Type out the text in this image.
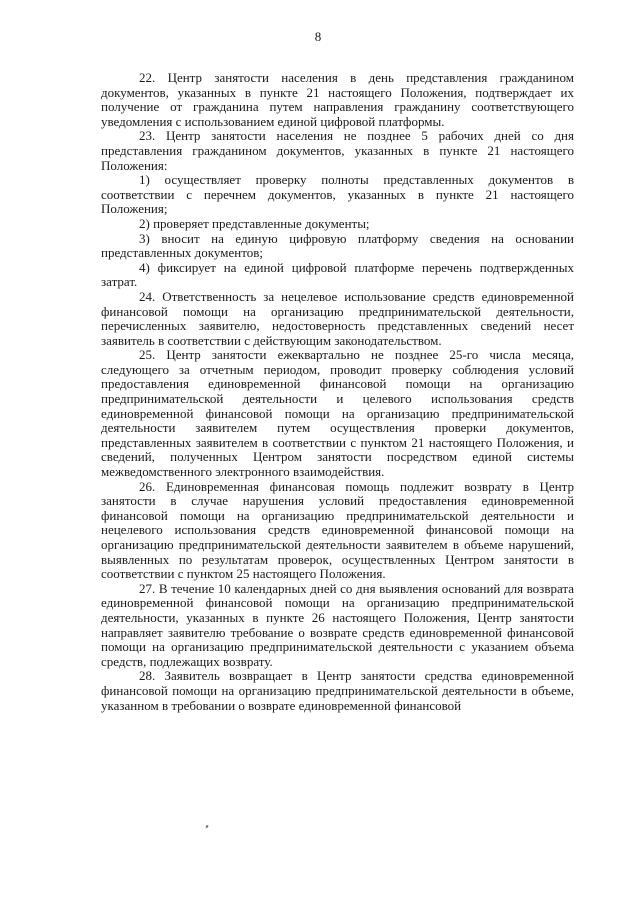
8

22. Центр занятости населения в день представления гражданином документов, указанных в пункте 21 настоящего Положения, подтверждает их получение от гражданина путем направления гражданину соответствующего уведомления с использованием единой цифровой платформы.

23. Центр занятости населения не позднее 5 рабочих дней со дня представления гражданином документов, указанных в пункте 21 настоящего Положения:

1) осуществляет проверку полноты представленных документов в соответствии с перечнем документов, указанных в пункте 21 настоящего Положения;

2) проверяет представленные документы;

3) вносит на единую цифровую платформу сведения на основании представленных документов;

4) фиксирует на единой цифровой платформе перечень подтвержденных затрат.

24. Ответственность за нецелевое использование средств единовременной финансовой помощи на организацию предпринимательской деятельности, перечисленных заявителю, недостоверность представленных сведений несет заявитель в соответствии с действующим законодательством.

25. Центр занятости ежеквартально не позднее 25-го числа месяца, следующего за отчетным периодом, проводит проверку соблюдения условий предоставления единовременной финансовой помощи на организацию предпринимательской деятельности и целевого использования средств единовременной финансовой помощи на организацию предпринимательской деятельности заявителем путем осуществления проверки документов, представленных заявителем в соответствии с пунктом 21 настоящего Положения, и сведений, полученных Центром занятости посредством единой системы межведомственного электронного взаимодействия.

26. Единовременная финансовая помощь подлежит возврату в Центр занятости в случае нарушения условий предоставления единовременной финансовой помощи на организацию предпринимательской деятельности и нецелевого использования средств единовременной финансовой помощи на организацию предпринимательской деятельности заявителем в объеме нарушений, выявленных по результатам проверок, осуществленных Центром занятости в соответствии с пунктом 25 настоящего Положения.

27. В течение 10 календарных дней со дня выявления оснований для возврата единовременной финансовой помощи на организацию предпринимательской деятельности, указанных в пункте 26 настоящего Положения, Центр занятости направляет заявителю требование о возврате средств единовременной финансовой помощи на организацию предпринимательской деятельности с указанием объема средств, подлежащих возврату.

28. Заявитель возвращает в Центр занятости средства единовременной финансовой помощи на организацию предпринимательской деятельности в объеме, указанном в требовании о возврате единовременной финансовой
